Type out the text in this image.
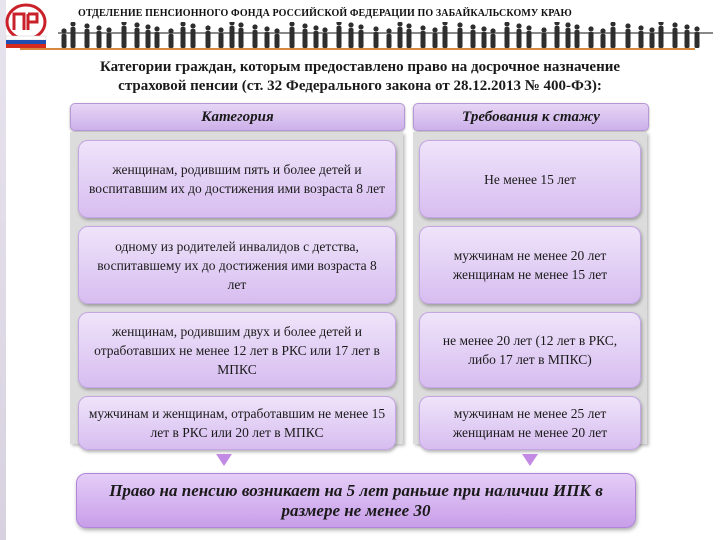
ОТДЕЛЕНИЕ ПЕНСИОННОГО ФОНДА РОССИЙСКОЙ ФЕДЕРАЦИИ ПО ЗАБАЙКАЛЬСКОМУ КРАЮ
Категории граждан, которым предоставлено право на досрочное назначение
страховой пенсии (ст. 32 Федерального закона от 28.12.2013 № 400-ФЗ):
Категория	Требования к стажу
женщинам, родившим пять и более детей и воспитавшим их до достижения ими возраста 8 лет
Не менее 15 лет
одному из родителей инвалидов с детства, воспитавшему их до достижения ими возраста 8 лет
мужчинам не менее 20 лет женщинам не менее 15 лет
женщинам, родившим двух и более детей и отработавших не менее 12 лет в РКС или 17 лет в МПКС
не менее 20 лет (12 лет в РКС, либо 17 лет в МПКС)
мужчинам и женщинам, отработавшим не менее 15 лет в РКС или 20 лет в МПКС
мужчинам не менее 25 лет женщинам не менее 20 лет
Право на пенсию возникает на 5 лет раньше при наличии ИПК в размере не менее 30
